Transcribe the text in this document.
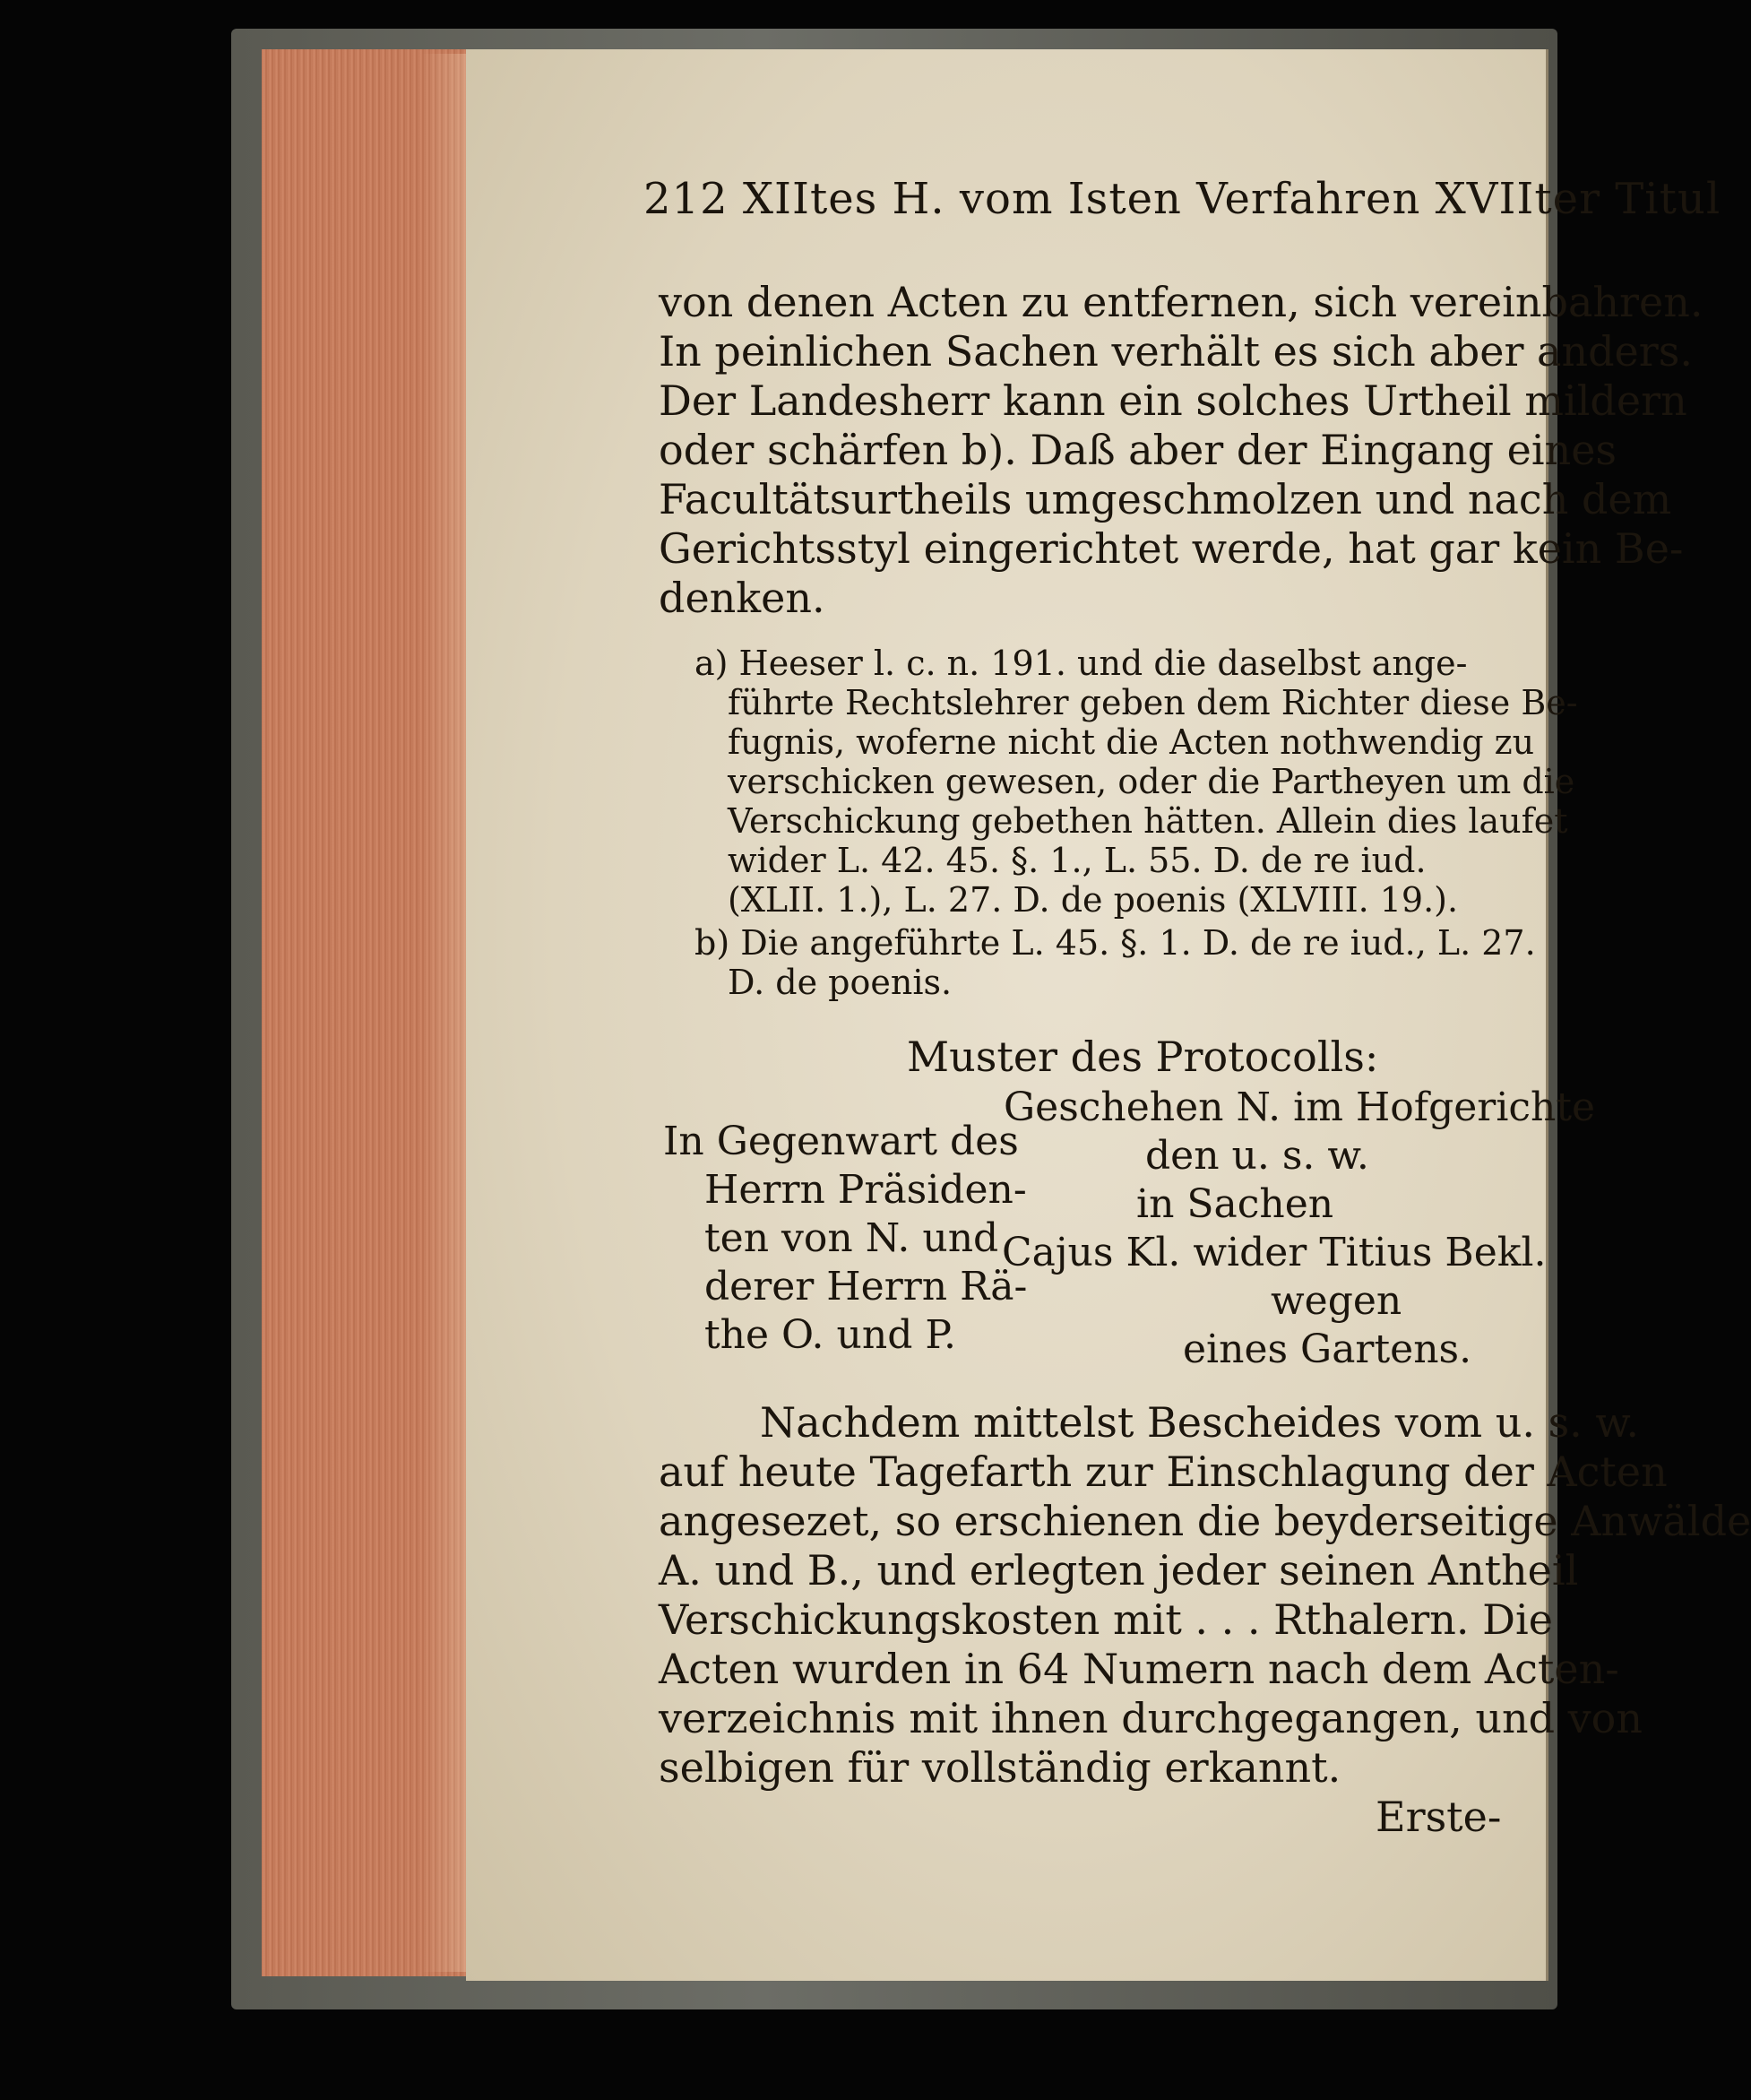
212 XIItes H. vom Isten Verfahren XVIIter Titul
von denen Acten zu entfernen, sich vereinbahren.
In peinlichen Sachen verhält es sich aber anders.
Der Landesherr kann ein solches Urtheil mildern
oder schärfen b). Daß aber der Eingang eines
Facultätsurtheils umgeschmolzen und nach dem
Gerichtsstyl eingerichtet werde, hat gar kein Be-
denken.
a) Heeser l. c. n. 191. und die daselbst ange-
führte Rechtslehrer geben dem Richter diese Be-
fugnis, woferne nicht die Acten nothwendig zu
verschicken gewesen, oder die Partheyen um die
Verschickung gebethen hätten. Allein dies laufet
wider L. 42. 45. §. 1., L. 55. D. de re iud.
(XLII. 1.), L. 27. D. de poenis (XLVIII. 19.).
b) Die angeführte L. 45. §. 1. D. de re iud., L. 27.
D. de poenis.
Muster des Protocolls:
In Gegenwart des
Herrn Präsiden-
ten von N. und
derer Herrn Rä-
the O. und P.
Geschehen N. im Hofgerichte
den u. s. w.
in Sachen
Cajus Kl. wider Titius Bekl.
wegen
eines Gartens.
Nachdem mittelst Bescheides vom u. s. w.
auf heute Tagefarth zur Einschlagung der Acten
angesezet, so erschienen die beyderseitige Anwälde
A. und B., und erlegten jeder seinen Antheil
Verschickungskosten mit . . . Rthalern. Die
Acten wurden in 64 Numern nach dem Acten-
verzeichnis mit ihnen durchgegangen, und von
selbigen für vollständig erkannt.
Erste-
